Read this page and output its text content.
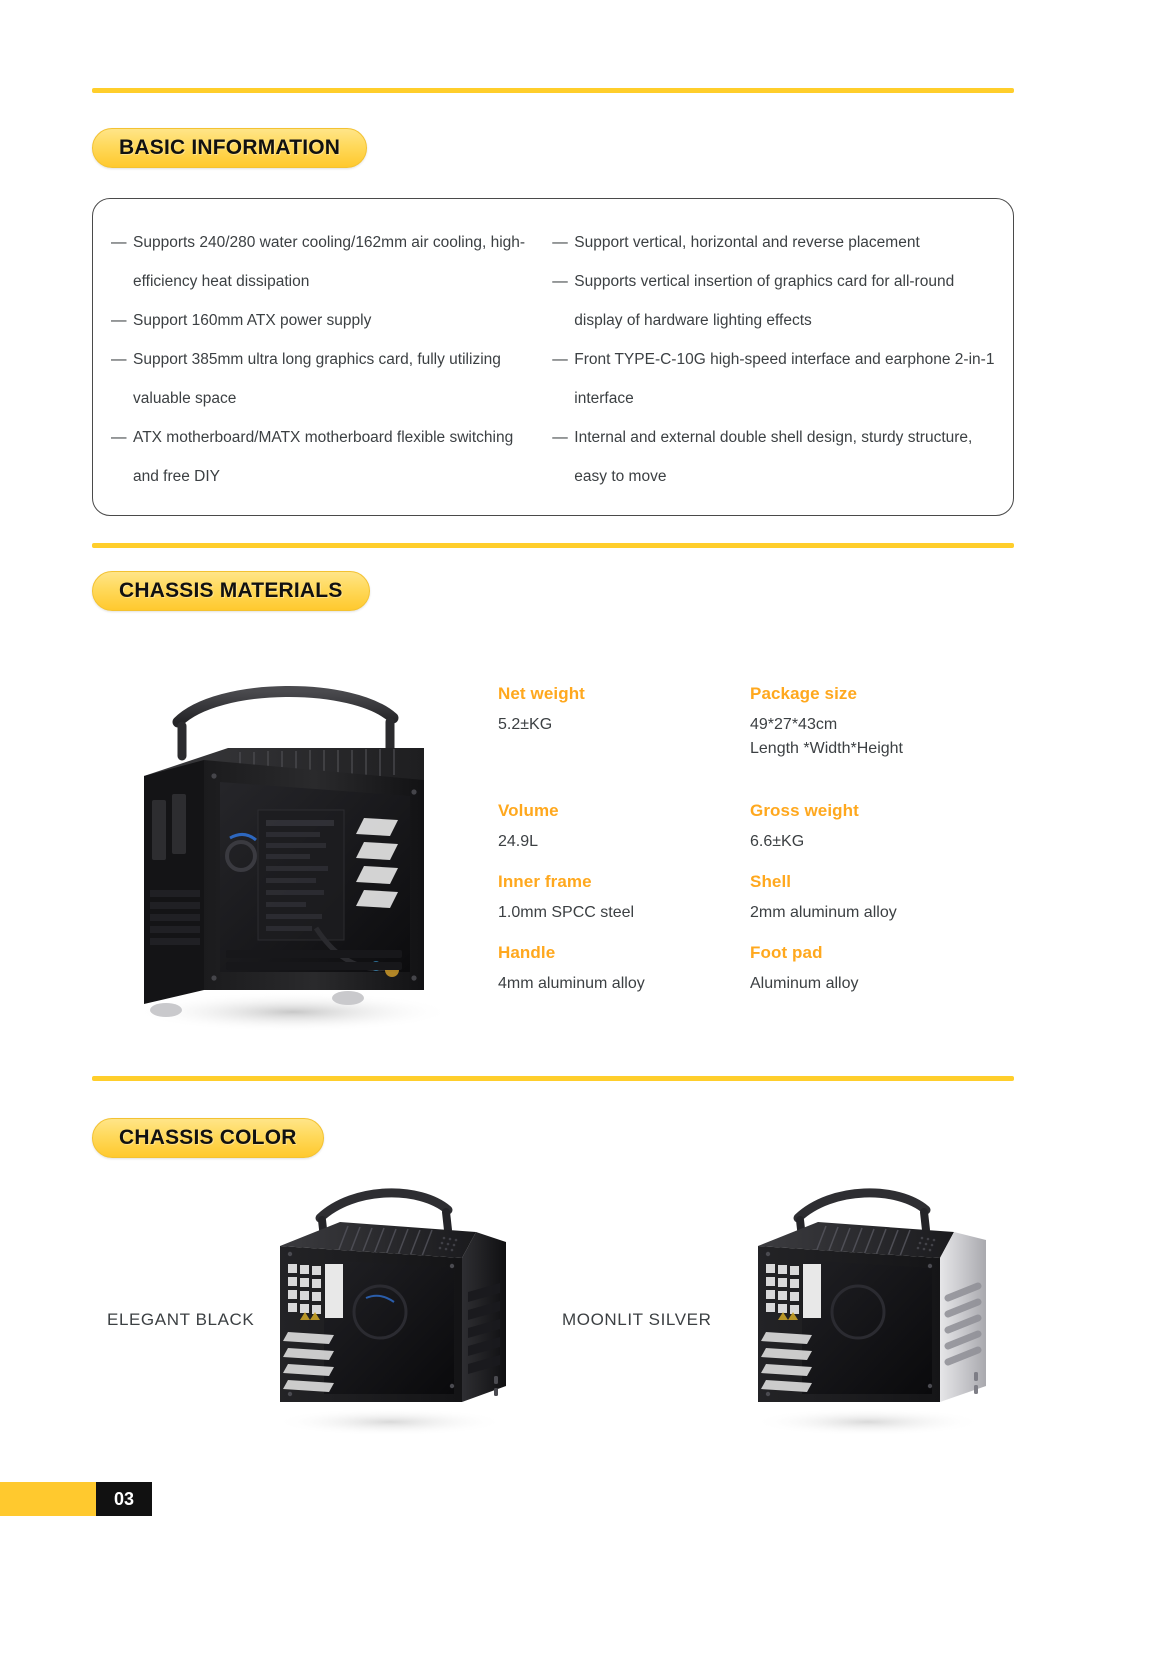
BASIC INFORMATION
— Supports 240/280 water cooling/162mm air cooling, high-efficiency heat dissipation
— Support 160mm ATX power supply
— Support 385mm ultra long graphics card, fully utilizing valuable space
— ATX motherboard/MATX motherboard flexible switching and free DIY
— Support vertical, horizontal and reverse placement
— Supports vertical insertion of graphics card for all-round display of hardware lighting effects
— Front TYPE-C-10G high-speed interface and earphone 2-in-1 interface
— Internal and external double shell design, sturdy structure, easy to move
CHASSIS MATERIALS
Net weight
5.2±KG
Package size
49*27*43cm
Length *Width*Height
Volume
24.9L
Gross weight
6.6±KG
Inner frame
1.0mm SPCC steel
Shell
2mm aluminum alloy
Handle
4mm aluminum alloy
Foot pad
Aluminum alloy
CHASSIS COLOR
ELEGANT BLACK	MOONLIT SILVER
03
